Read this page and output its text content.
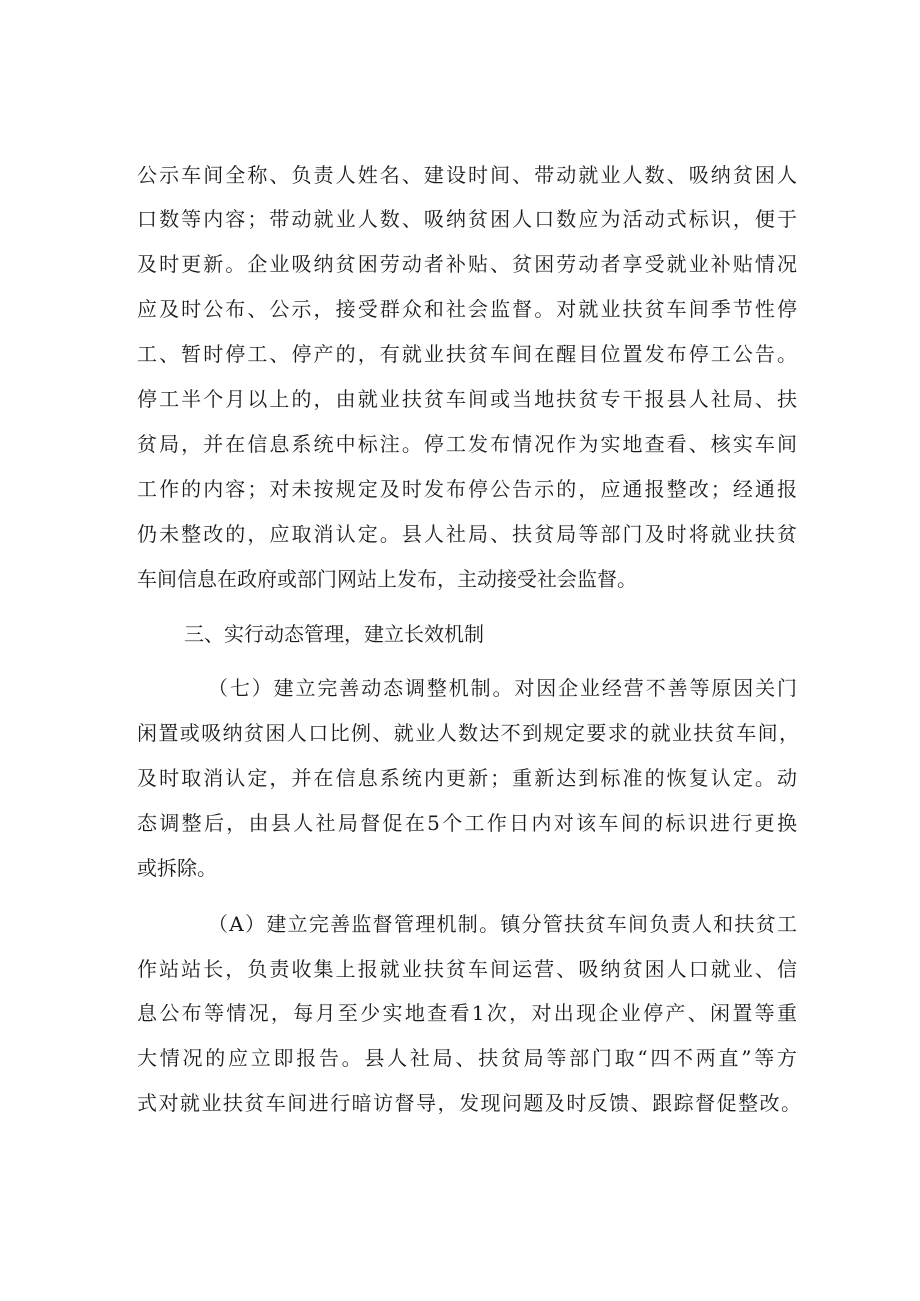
公示车间全称、负责人姓名、建设时间、带动就业人数、吸纳贫困人
口数等内容；带动就业人数、吸纳贫困人口数应为活动式标识，便于
及时更新。企业吸纳贫困劳动者补贴、贫困劳动者享受就业补贴情况
应及时公布、公示，接受群众和社会监督。对就业扶贫车间季节性停
工、暂时停工、停产的，有就业扶贫车间在醒目位置发布停工公告。
停工半个月以上的，由就业扶贫车间或当地扶贫专干报县人社局、扶
贫局，并在信息系统中标注。停工发布情况作为实地查看、核实车间
工作的内容；对未按规定及时发布停公告示的，应通报整改；经通报
仍未整改的，应取消认定。县人社局、扶贫局等部门及时将就业扶贫
车间信息在政府或部门网站上发布，主动接受社会监督。
三、实行动态管理，建立长效机制
（七）建立完善动态调整机制。对因企业经营不善等原因关门
闲置或吸纳贫困人口比例、就业人数达不到规定要求的就业扶贫车间，
及时取消认定，并在信息系统内更新；重新达到标准的恢复认定。动
态调整后，由县人社局督促在5个工作日内对该车间的标识进行更换
或拆除。
（A）建立完善监督管理机制。镇分管扶贫车间负责人和扶贫工
作站站长，负责收集上报就业扶贫车间运营、吸纳贫困人口就业、信
息公布等情况，每月至少实地查看1次，对出现企业停产、闲置等重
大情况的应立即报告。县人社局、扶贫局等部门取“四不两直”等方
式对就业扶贫车间进行暗访督导，发现问题及时反馈、跟踪督促整改。
